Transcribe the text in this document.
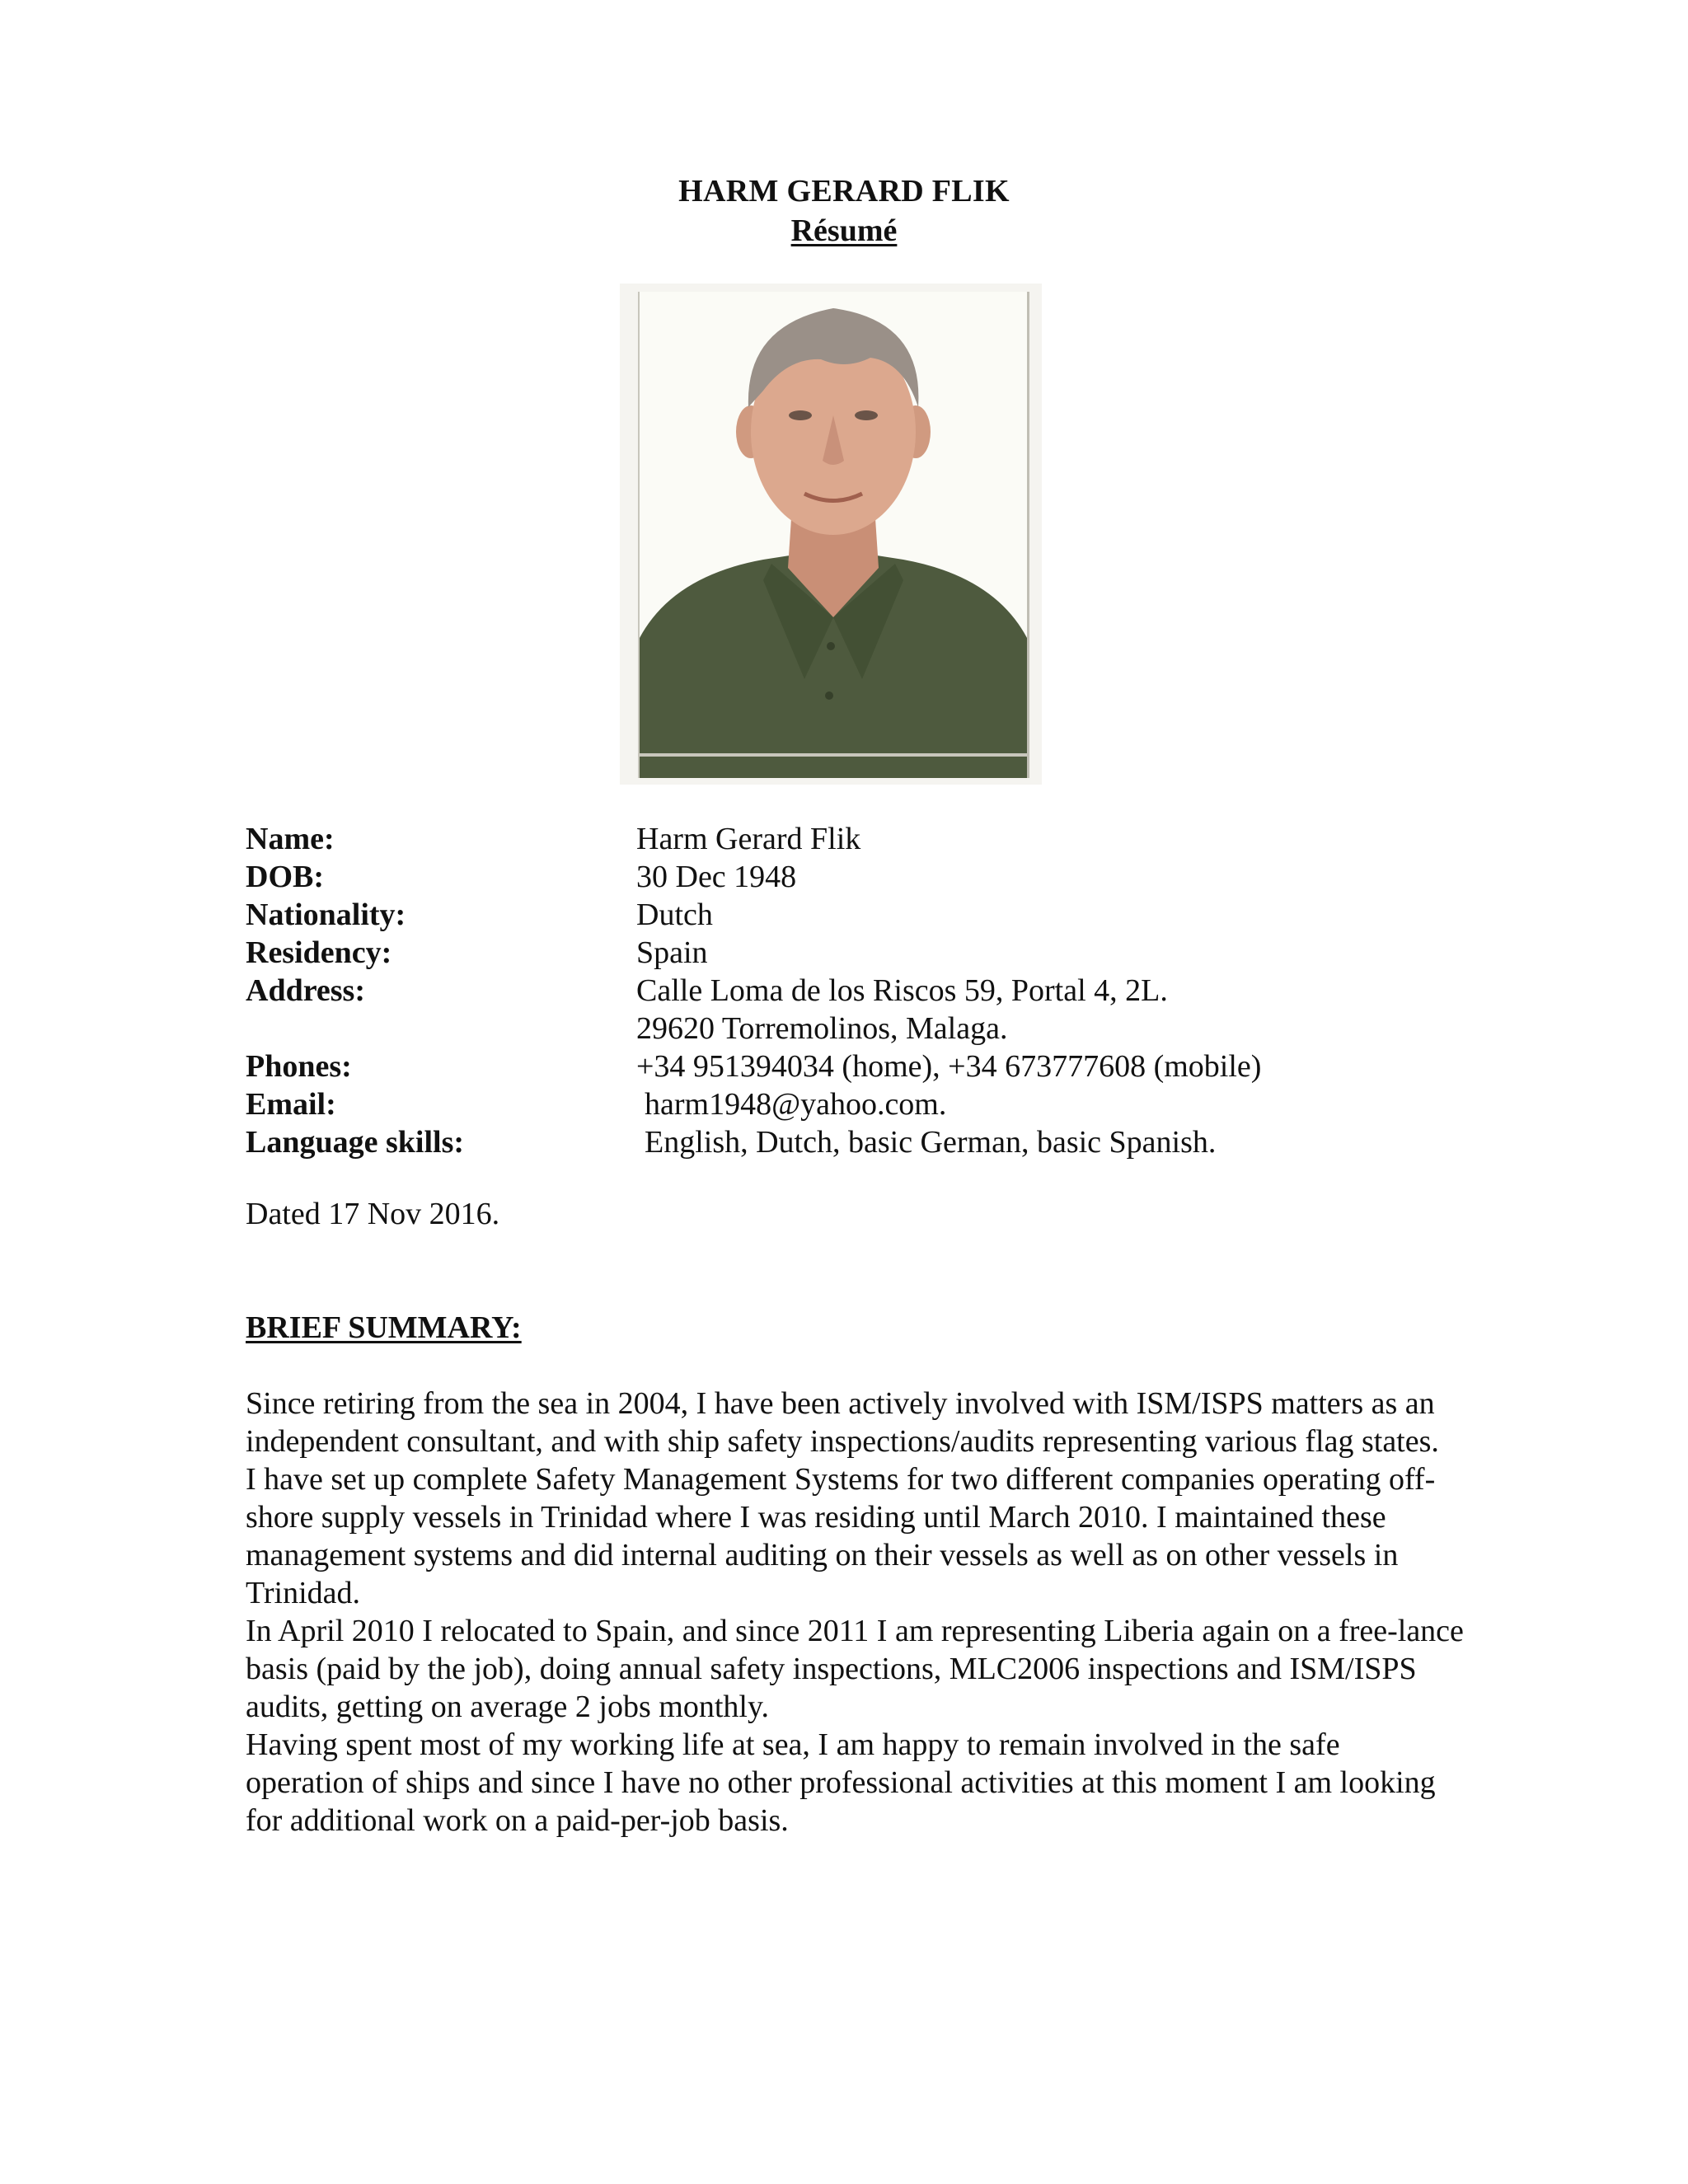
HARM GERARD FLIK
Résumé
Name:	Harm Gerard Flik
DOB:	30 Dec 1948
Nationality:	Dutch
Residency:	Spain
Address:	Calle Loma de los Riscos 59, Portal 4, 2L.
29620 Torremolinos, Malaga.
Phones:	+34 951394034 (home), +34 673777608 (mobile)
Email:	harm1948@yahoo.com.
Language skills:	English, Dutch, basic German, basic Spanish.
Dated 17 Nov 2016.
BRIEF SUMMARY:

Since retiring from the sea in 2004, I have been actively involved with ISM/ISPS matters as an independent consultant, and with ship safety inspections/audits representing various flag states.

I have set up complete Safety Management Systems for two different companies operating off-shore supply vessels in Trinidad where I was residing until March 2010. I maintained these management systems and did internal auditing on their vessels as well as on other vessels in Trinidad.

In April 2010 I relocated to Spain, and since 2011 I am representing Liberia again on a free-lance basis (paid by the job), doing annual safety inspections, MLC2006 inspections and ISM/ISPS audits, getting on average 2 jobs monthly.

Having spent most of my working life at sea, I am happy to remain involved in the safe operation of ships and since I have no other professional activities at this moment I am looking for additional work on a paid-per-job basis.
